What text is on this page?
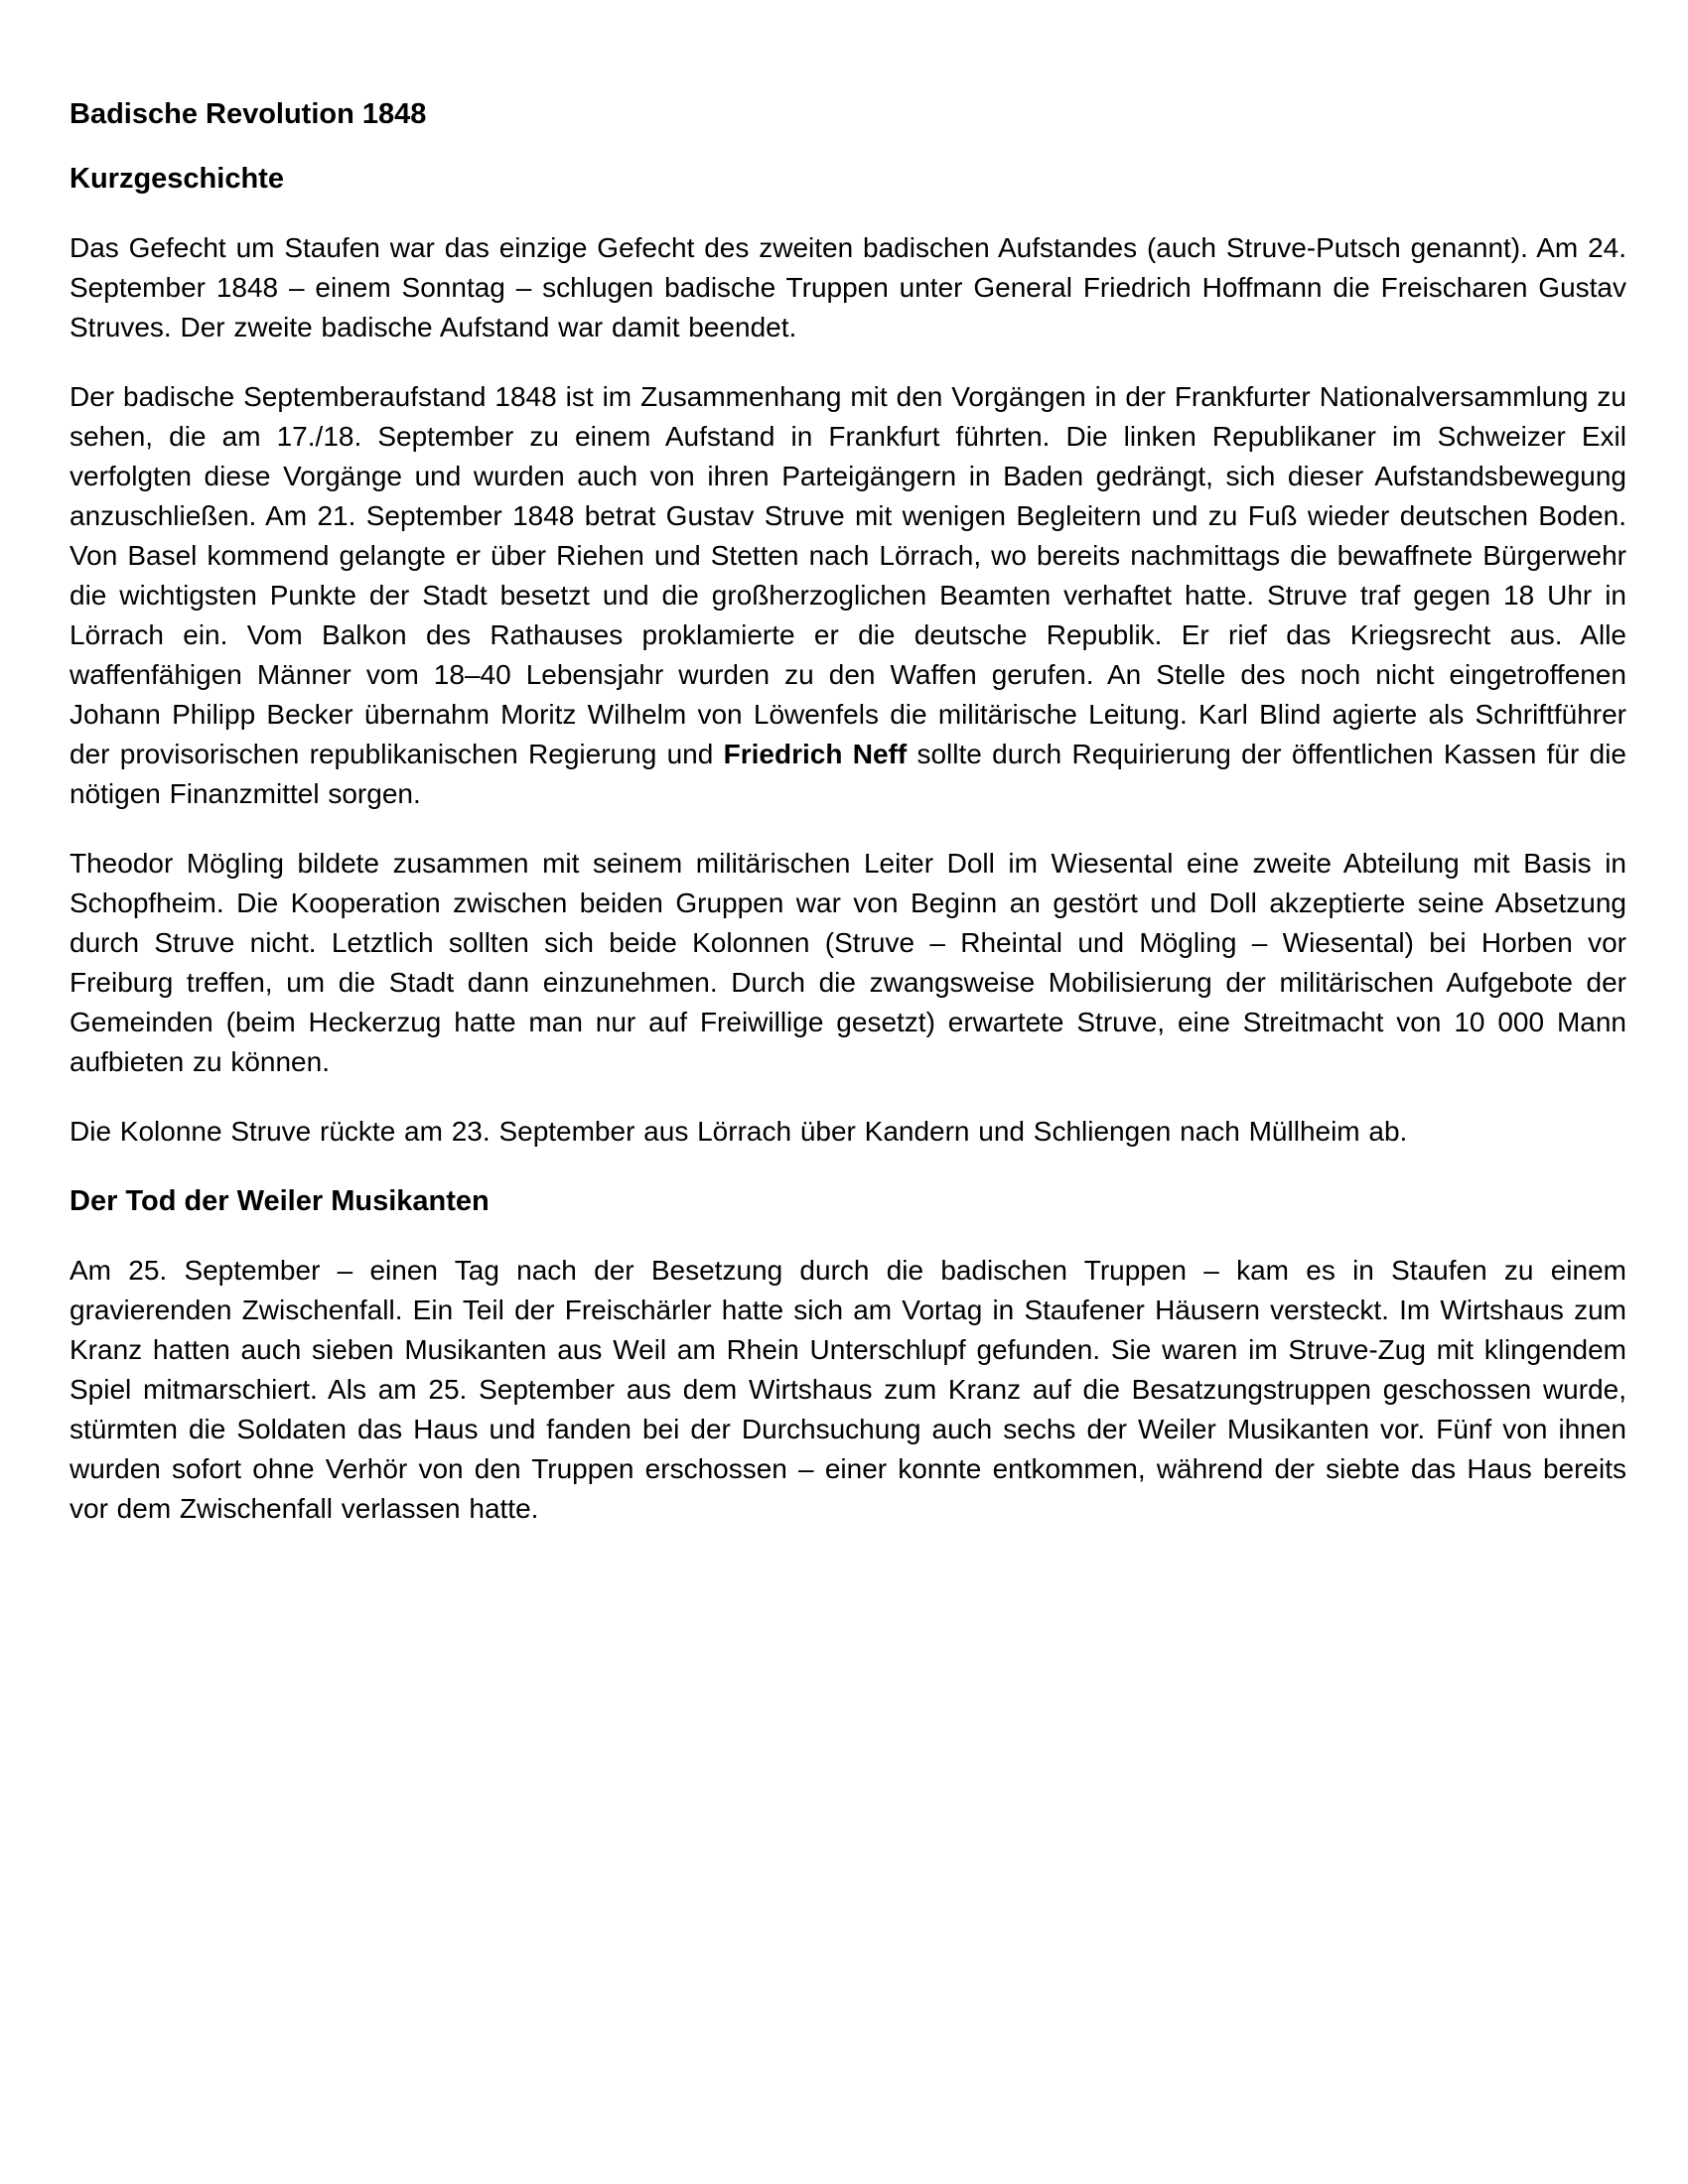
Badische Revolution 1848
Kurzgeschichte

Das Gefecht um Staufen war das einzige Gefecht des zweiten badischen Aufstandes (auch Struve-Putsch genannt). Am 24. September 1848 – einem Sonntag – schlugen badische Truppen unter General Friedrich Hoffmann die Freischaren Gustav Struves. Der zweite badische Aufstand war damit beendet.

Der badische Septemberaufstand 1848 ist im Zusammenhang mit den Vorgängen in der Frankfurter Nationalversammlung zu sehen, die am 17./18. September zu einem Aufstand in Frankfurt führten. Die linken Republikaner im Schweizer Exil verfolgten diese Vorgänge und wurden auch von ihren Parteigängern in Baden gedrängt, sich dieser Aufstandsbewegung anzuschließen. Am 21. September 1848 betrat Gustav Struve mit wenigen Begleitern und zu Fuß wieder deutschen Boden. Von Basel kommend gelangte er über Riehen und Stetten nach Lörrach, wo bereits nachmittags die bewaffnete Bürgerwehr die wichtigsten Punkte der Stadt besetzt und die großherzoglichen Beamten verhaftet hatte. Struve traf gegen 18 Uhr in Lörrach ein. Vom Balkon des Rathauses proklamierte er die deutsche Republik. Er rief das Kriegsrecht aus. Alle waffenfähigen Männer vom 18–40 Lebensjahr wurden zu den Waffen gerufen. An Stelle des noch nicht eingetroffenen Johann Philipp Becker übernahm Moritz Wilhelm von Löwenfels die militärische Leitung. Karl Blind agierte als Schriftführer der provisorischen republikanischen Regierung und Friedrich Neff sollte durch Requirierung der öffentlichen Kassen für die nötigen Finanzmittel sorgen.

Theodor Mögling bildete zusammen mit seinem militärischen Leiter Doll im Wiesental eine zweite Abteilung mit Basis in Schopfheim. Die Kooperation zwischen beiden Gruppen war von Beginn an gestört und Doll akzeptierte seine Absetzung durch Struve nicht. Letztlich sollten sich beide Kolonnen (Struve – Rheintal und Mögling – Wiesental) bei Horben vor Freiburg treffen, um die Stadt dann einzunehmen. Durch die zwangsweise Mobilisierung der militärischen Aufgebote der Gemeinden (beim Heckerzug hatte man nur auf Freiwillige gesetzt) erwartete Struve, eine Streitmacht von 10 000 Mann aufbieten zu können.

Die Kolonne Struve rückte am 23. September aus Lörrach über Kandern und Schliengen nach Müllheim ab.

Der Tod der Weiler Musikanten

Am 25. September – einen Tag nach der Besetzung durch die badischen Truppen – kam es in Staufen zu einem gravierenden Zwischenfall. Ein Teil der Freischärler hatte sich am Vortag in Staufener Häusern versteckt. Im Wirtshaus zum Kranz hatten auch sieben Musikanten aus Weil am Rhein Unterschlupf gefunden. Sie waren im Struve-Zug mit klingendem Spiel mitmarschiert. Als am 25. September aus dem Wirtshaus zum Kranz auf die Besatzungstruppen geschossen wurde, stürmten die Soldaten das Haus und fanden bei der Durchsuchung auch sechs der Weiler Musikanten vor. Fünf von ihnen wurden sofort ohne Verhör von den Truppen erschossen – einer konnte entkommen, während der siebte das Haus bereits vor dem Zwischenfall verlassen hatte.
